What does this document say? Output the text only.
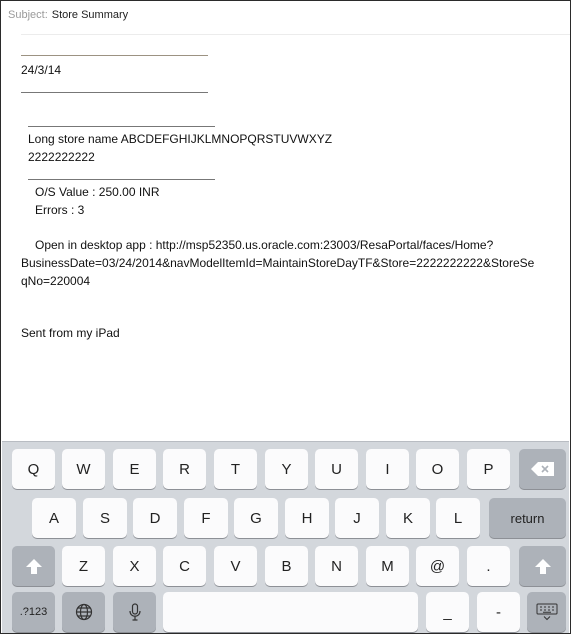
Subject: Store Summary
24/3/14
Long store name ABCDEFGHIJKLMNOPQRSTUVWXYZ
2222222222
O/S Value : 250.00 INR
Errors : 3
Open in desktop app : http://msp52350.us.oracle.com:23003/ResaPortal/faces/Home?
BusinessDate=03/24/2014&navModelItemId=MaintainStoreDayTF&Store=2222222222&StoreSe
qNo=220004
Sent from my iPad
Q	W	E	R	T	Y	U	I	O	P
A	S	D	F	G	H	J	K	L	return
Z	X	C	V	B	N	M	@	.
.?123	_	-
